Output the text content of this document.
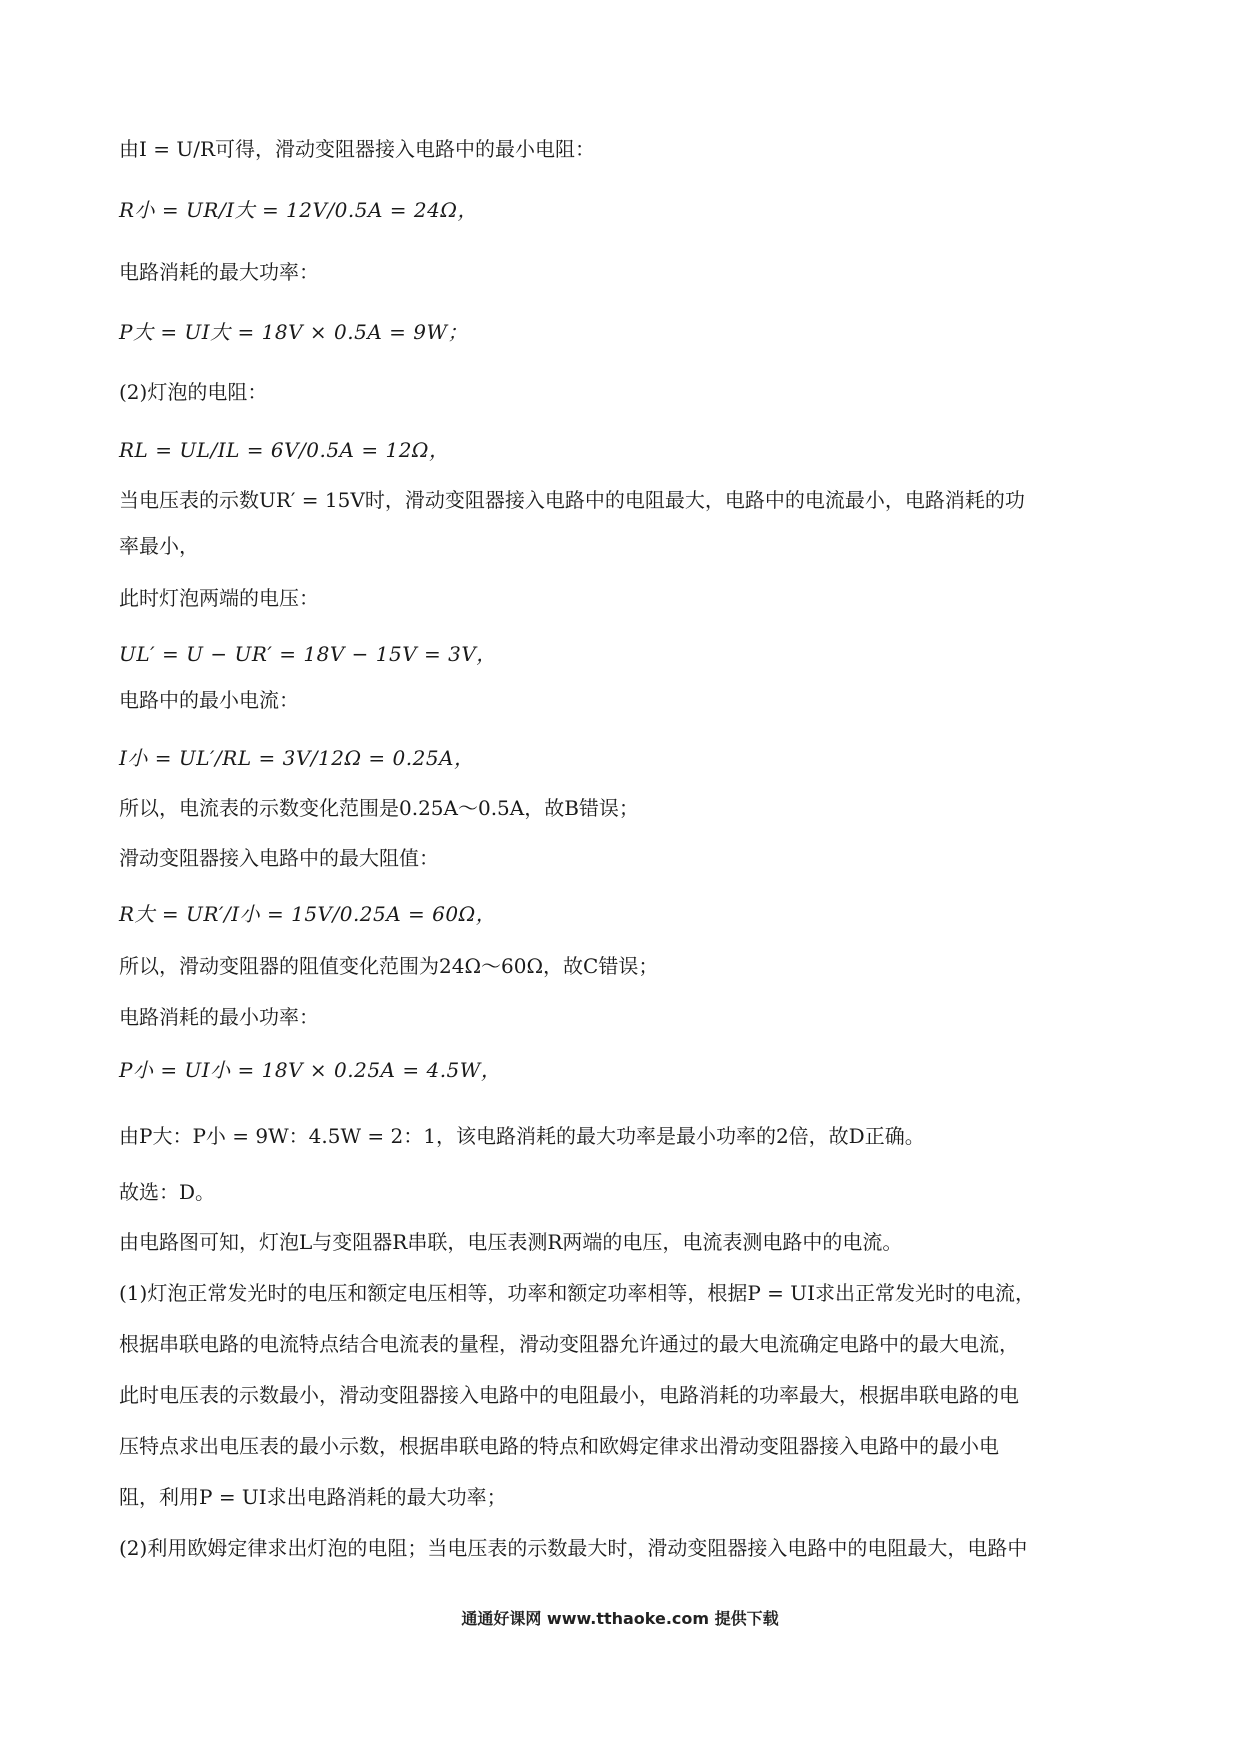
由I = U/R可得，滑动变阻器接入电路中的最小电阻：
R小 = UR/I大 = 12V/0.5A = 24Ω，
电路消耗的最大功率：
P大 = UI大 = 18V × 0.5A = 9W；
(2)灯泡的电阻：
RL = UL/IL = 6V/0.5A = 12Ω，
当电压表的示数UR′ = 15V时，滑动变阻器接入电路中的电阻最大，电路中的电流最小，电路消耗的功
率最小，
此时灯泡两端的电压：
UL′ = U − UR′ = 18V − 15V = 3V，
电路中的最小电流：
I小 = UL′/RL = 3V/12Ω = 0.25A，
所以，电流表的示数变化范围是0.25A～0.5A，故B错误；
滑动变阻器接入电路中的最大阻值：
R大 = UR′/I小 = 15V/0.25A = 60Ω，
所以，滑动变阻器的阻值变化范围为24Ω～60Ω，故C错误；
电路消耗的最小功率：
P小 = UI小 = 18V × 0.25A = 4.5W，
由P大：P小 = 9W：4.5W = 2：1，该电路消耗的最大功率是最小功率的2倍，故D正确。
故选：D。
由电路图可知，灯泡L与变阻器R串联，电压表测R两端的电压，电流表测电路中的电流。
(1)灯泡正常发光时的电压和额定电压相等，功率和额定功率相等，根据P = UI求出正常发光时的电流，
根据串联电路的电流特点结合电流表的量程，滑动变阻器允许通过的最大电流确定电路中的最大电流，
此时电压表的示数最小，滑动变阻器接入电路中的电阻最小，电路消耗的功率最大，根据串联电路的电
压特点求出电压表的最小示数，根据串联电路的特点和欧姆定律求出滑动变阻器接入电路中的最小电
阻，利用P = UI求出电路消耗的最大功率；
(2)利用欧姆定律求出灯泡的电阻；当电压表的示数最大时，滑动变阻器接入电路中的电阻最大，电路中
通通好课网 www.tthaoke.com 提供下载
